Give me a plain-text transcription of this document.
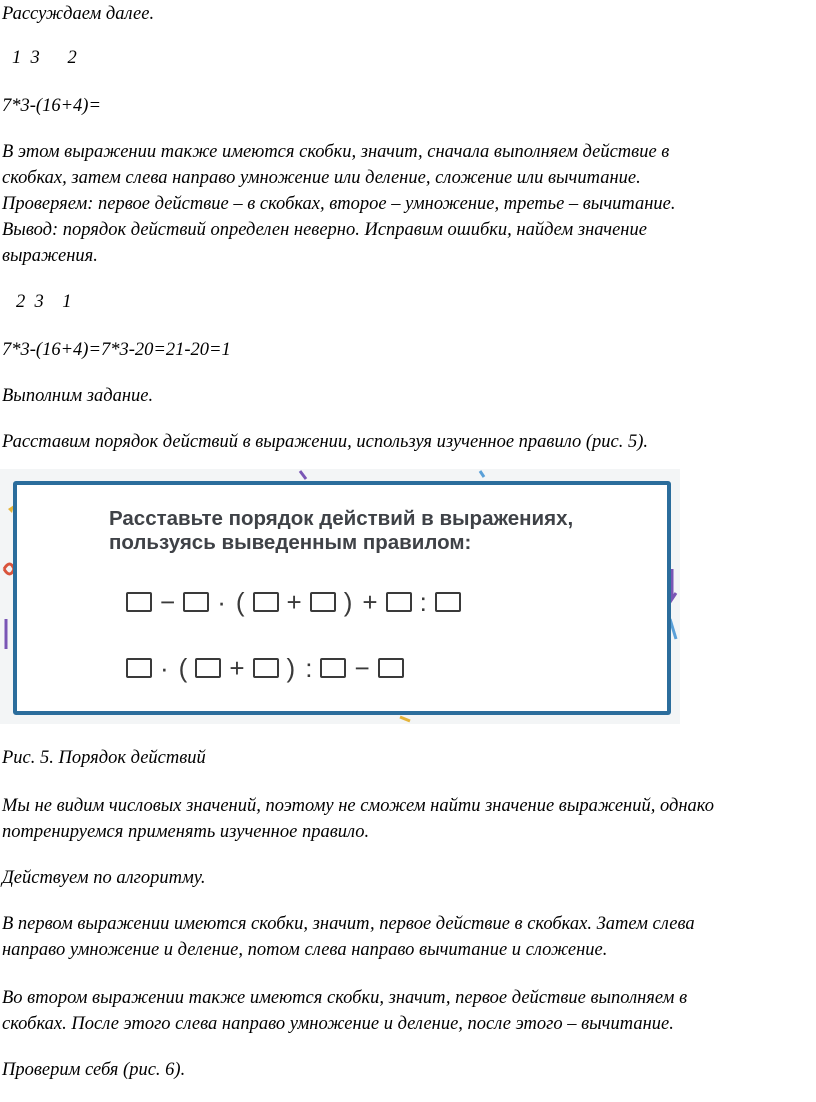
Рассуждаем далее.

1  3      2

7*3-(16+4)=

В этом выражении также имеются скобки, значит, сначала выполняем действие в

скобках, затем слева направо умножение или деление, сложение или вычитание.

Проверяем: первое действие – в скобках, второе – умножение, третье – вычитание.

Вывод: порядок действий определен неверно. Исправим ошибки, найдем значение

выражения.

2  3    1

7*3-(16+4)=7*3-20=21-20=1

Выполним задание.

Расставим порядок действий в выражении, используя изученное правило (рис. 5).

Расставьте порядок действий в выражениях,
пользуясь выведенным правилом:
− · ( + ) + :
· ( + ) : −

Рис. 5. Порядок действий

Мы не видим числовых значений, поэтому не сможем найти значение выражений, однако

потренируемся применять изученное правило.

Действуем по алгоритму.

В первом выражении имеются скобки, значит, первое действие в скобках. Затем слева

направо умножение и деление, потом слева направо вычитание и сложение.

Во втором выражении также имеются скобки, значит, первое действие выполняем в

скобках. После этого слева направо умножение и деление, после этого – вычитание.

Проверим себя (рис. 6).
